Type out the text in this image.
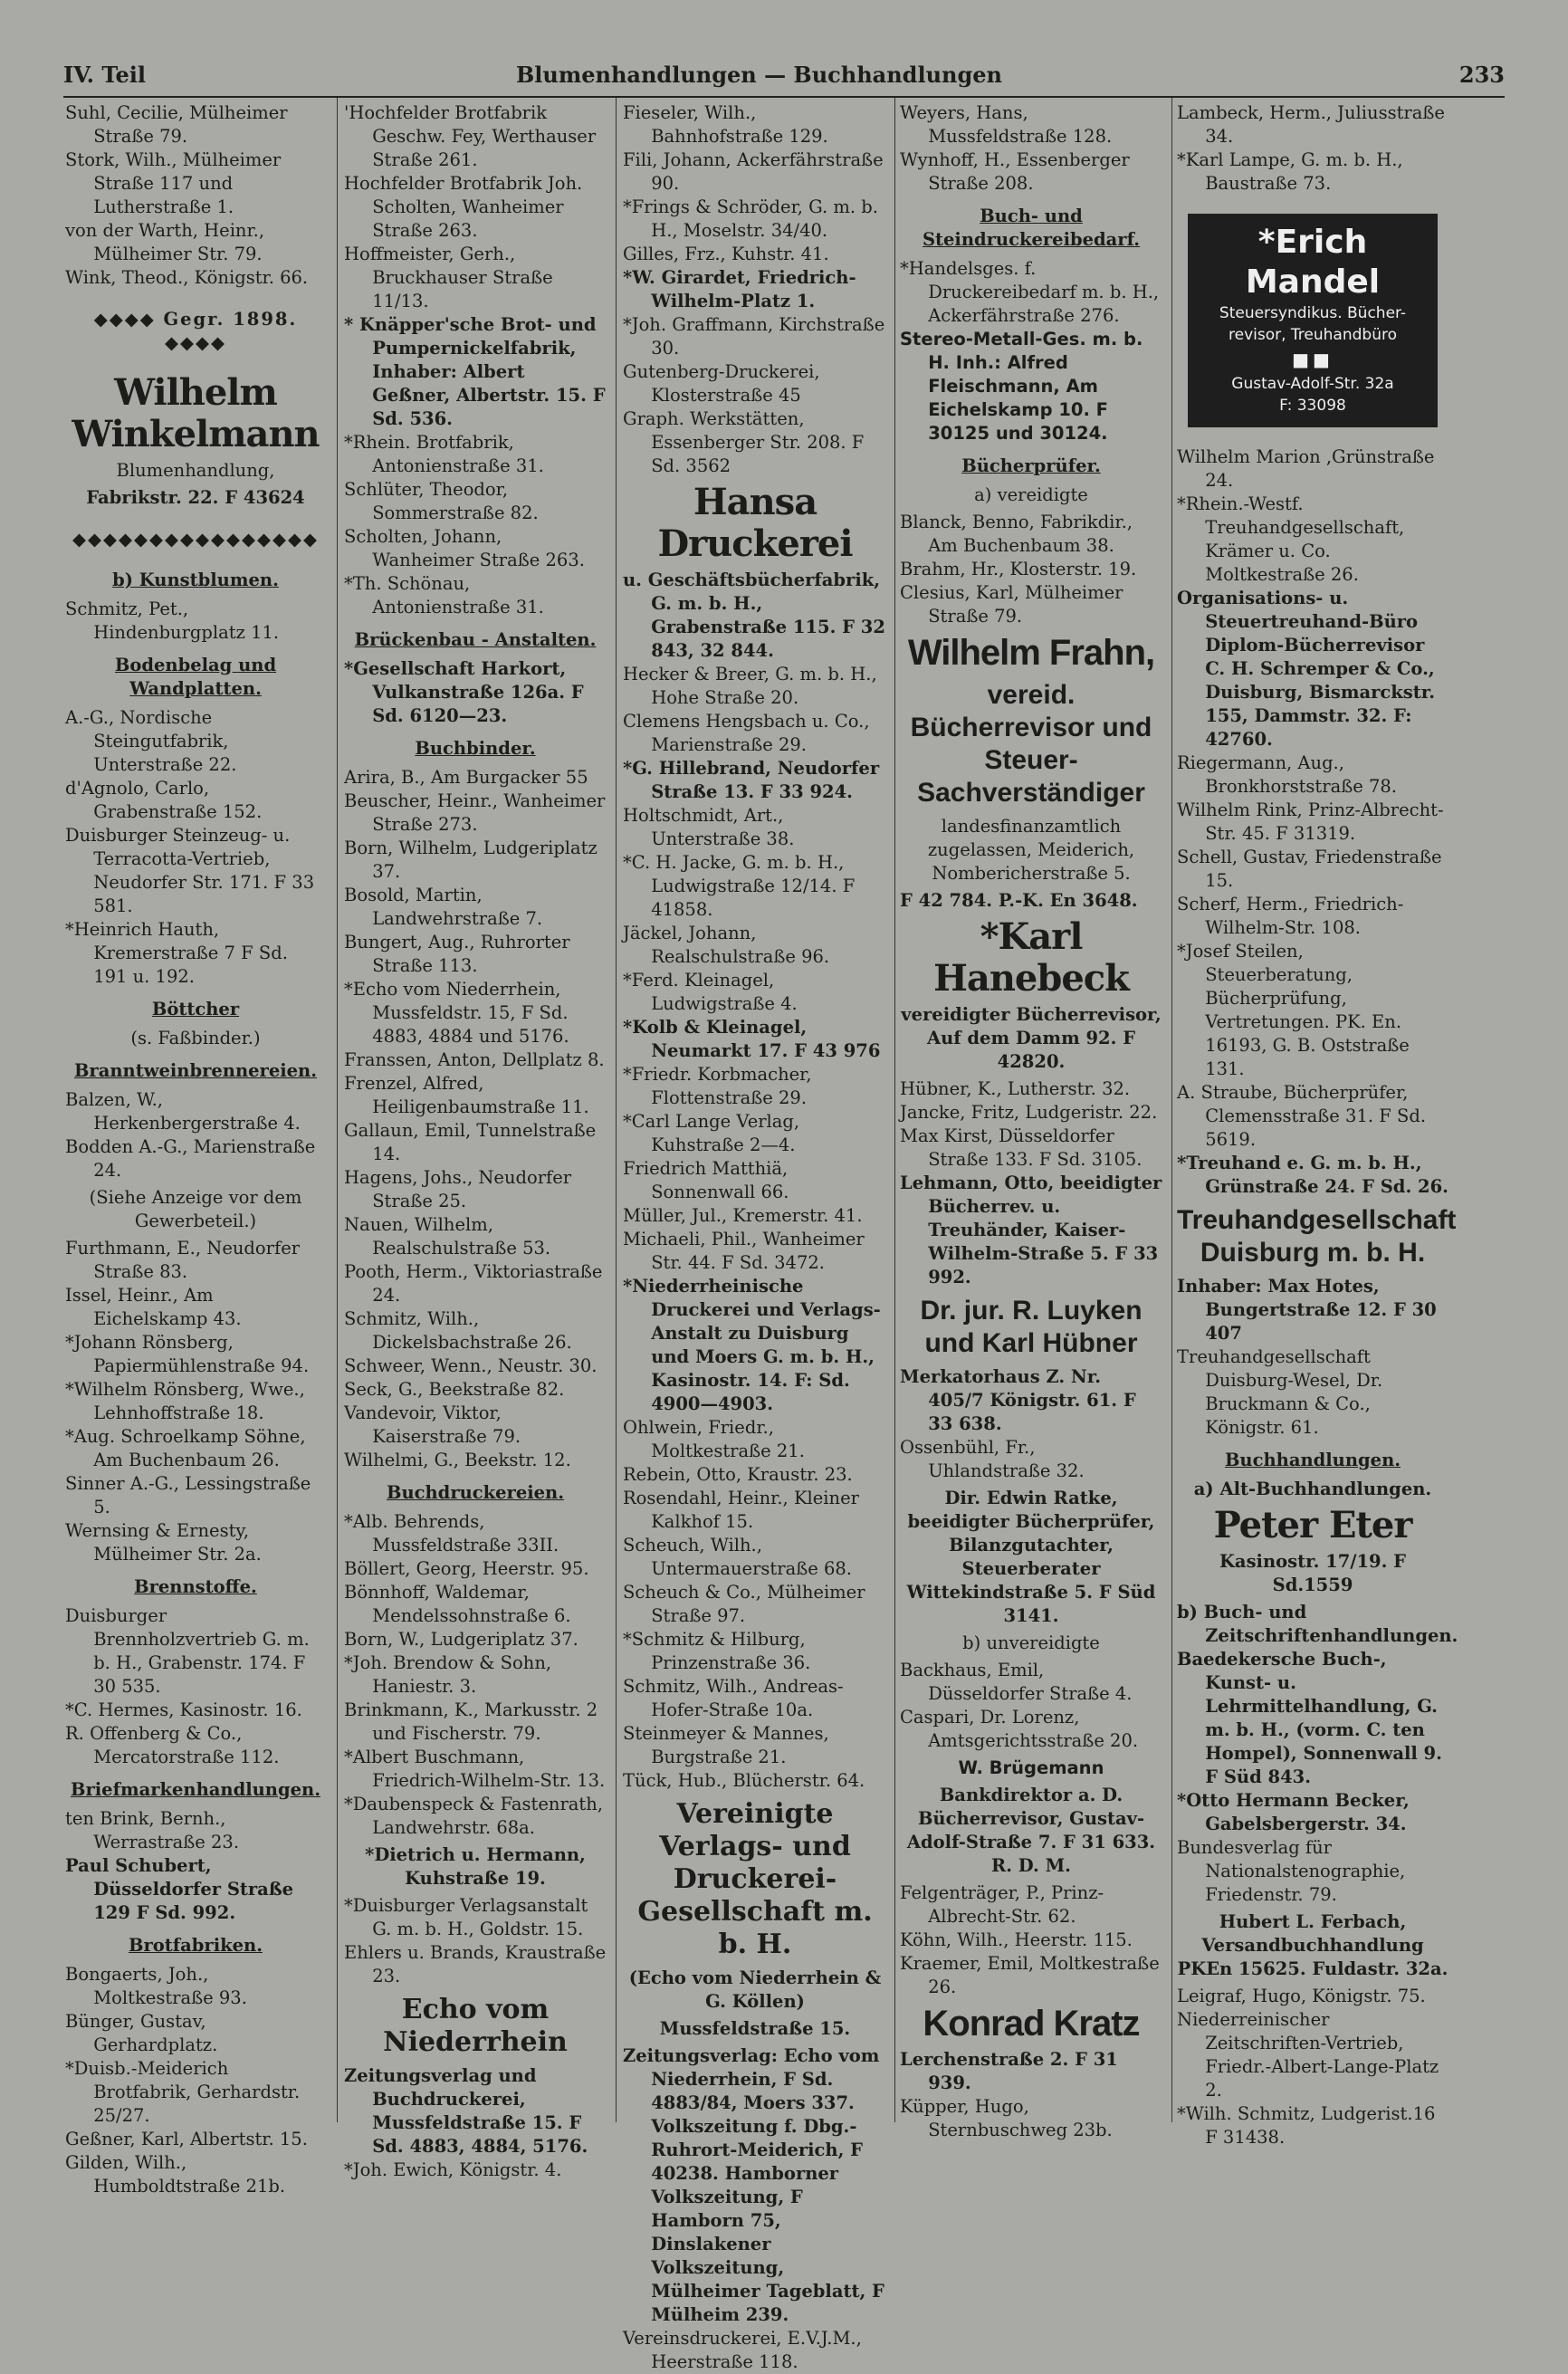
IV. Teil	Blumenhandlungen — Buchhandlungen	233

Suhl, Cecilie, Mülheimer Straße 79.

Stork, Wilh., Mülheimer Straße 117 und Lutherstraße 1.

von der Warth, Heinr., Mülheimer Str. 79.

Wink, Theod., Königstr. 66.

◆◆◆◆ Gegr. 1898. ◆◆◆◆

Wilhelm Winkelmann

Blumenhandlung,

Fabrikstr. 22. F 43624

◆◆◆◆◆◆◆◆◆◆◆◆◆◆◆◆

b) Kunstblumen.

Schmitz, Pet., Hindenburgplatz 11.

Bodenbelag und Wandplatten.

A.-G., Nordische Steingutfabrik, Unterstraße 22.

d'Agnolo, Carlo, Grabenstraße 152.

Duisburger Steinzeug- u. Terracotta-Vertrieb, Neudorfer Str. 171. F 33 581.

*Heinrich Hauth, Kremerstraße 7 F Sd. 191 u. 192.

Böttcher

(s. Faßbinder.)

Branntweinbrennereien.

Balzen, W., Herkenbergerstraße 4.

Bodden A.-G., Marienstraße 24.

(Siehe Anzeige vor dem Gewerbeteil.)

Furthmann, E., Neudorfer Straße 83.

Issel, Heinr., Am Eichelskamp 43.

*Johann Rönsberg, Papiermühlenstraße 94.

*Wilhelm Rönsberg, Wwe., Lehnhoffstraße 18.

*Aug. Schroelkamp Söhne, Am Buchenbaum 26.

Sinner A.-G., Lessingstraße 5.

Wernsing & Ernesty, Mülheimer Str. 2a.

Brennstoffe.

Duisburger Brennholzvertrieb G. m. b. H., Grabenstr. 174. F 30 535.

*C. Hermes, Kasinostr. 16.

R. Offenberg & Co., Mercatorstraße 112.

Briefmarkenhandlungen.

ten Brink, Bernh., Werrastraße 23.

Paul Schubert, Düsseldorfer Straße 129 F Sd. 992.

Brotfabriken.

Bongaerts, Joh., Moltkestraße 93.

Bünger, Gustav, Gerhardplatz.

*Duisb.-Meiderich Brotfabrik, Gerhardstr. 25/27.

Geßner, Karl, Albertstr. 15.

Gilden, Wilh., Humboldtstraße 21b.

'Hochfelder Brotfabrik Geschw. Fey, Werthauser Straße 261.

Hochfelder Brotfabrik Joh. Scholten, Wanheimer Straße 263.

Hoffmeister, Gerh., Bruckhauser Straße 11/13.

* Knäpper'sche Brot- und Pumpernickelfabrik, Inhaber: Albert Geßner, Albertstr. 15. F Sd. 536.

*Rhein. Brotfabrik, Antonienstraße 31.

Schlüter, Theodor, Sommerstraße 82.

Scholten, Johann, Wanheimer Straße 263.

*Th. Schönau, Antonienstraße 31.

Brückenbau - Anstalten.

*Gesellschaft Harkort, Vulkanstraße 126a. F Sd. 6120—23.

Buchbinder.

Arira, B., Am Burgacker 55

Beuscher, Heinr., Wanheimer Straße 273.

Born, Wilhelm, Ludgeriplatz 37.

Bosold, Martin, Landwehrstraße 7.

Bungert, Aug., Ruhrorter Straße 113.

*Echo vom Niederrhein, Mussfeldstr. 15, F Sd. 4883, 4884 und 5176.

Franssen, Anton, Dellplatz 8.

Frenzel, Alfred, Heiligenbaumstraße 11.

Gallaun, Emil, Tunnelstraße 14.

Hagens, Johs., Neudorfer Straße 25.

Nauen, Wilhelm, Realschulstraße 53.

Pooth, Herm., Viktoriastraße 24.

Schmitz, Wilh., Dickelsbachstraße 26.

Schweer, Wenn., Neustr. 30.

Seck, G., Beekstraße 82.

Vandevoir, Viktor, Kaiserstraße 79.

Wilhelmi, G., Beekstr. 12.

Buchdruckereien.

*Alb. Behrends, Mussfeldstraße 33II.

Böllert, Georg, Heerstr. 95.

Bönnhoff, Waldemar, Mendelssohnstraße 6.

Born, W., Ludgeriplatz 37.

*Joh. Brendow & Sohn, Haniestr. 3.

Brinkmann, K., Markusstr. 2 und Fischerstr. 79.

*Albert Buschmann, Friedrich-Wilhelm-Str. 13.

*Daubenspeck & Fastenrath, Landwehrstr. 68a.

*Dietrich u. Hermann, Kuhstraße 19.

*Duisburger Verlagsanstalt G. m. b. H., Goldstr. 15.

Ehlers u. Brands, Kraustraße 23.

Echo vom Niederrhein

Zeitungsverlag und Buchdruckerei, Mussfeldstraße 15. F Sd. 4883, 4884, 5176.

*Joh. Ewich, Königstr. 4.

Fieseler, Wilh., Bahnhofstraße 129.

Fili, Johann, Ackerfährstraße 90.

*Frings & Schröder, G. m. b. H., Moselstr. 34/40.

Gilles, Frz., Kuhstr. 41.

*W. Girardet, Friedrich-Wilhelm-Platz 1.

*Joh. Graffmann, Kirchstraße 30.

Gutenberg-Druckerei, Klosterstraße 45

Graph. Werkstätten, Essenberger Str. 208. F Sd. 3562

Hansa Druckerei

u. Geschäftsbücherfabrik, G. m. b. H., Grabenstraße 115. F 32 843, 32 844.

Hecker & Breer, G. m. b. H., Hohe Straße 20.

Clemens Hengsbach u. Co., Marienstraße 29.

*G. Hillebrand, Neudorfer Straße 13. F 33 924.

Holtschmidt, Art., Unterstraße 38.

*C. H. Jacke, G. m. b. H., Ludwigstraße 12/14. F 41858.

Jäckel, Johann, Realschulstraße 96.

*Ferd. Kleinagel, Ludwigstraße 4.

*Kolb & Kleinagel, Neumarkt 17. F 43 976

*Friedr. Korbmacher, Flottenstraße 29.

*Carl Lange Verlag, Kuhstraße 2—4.

Friedrich Matthiä, Sonnenwall 66.

Müller, Jul., Kremerstr. 41.

Michaeli, Phil., Wanheimer Str. 44. F Sd. 3472.

*Niederrheinische Druckerei und Verlags-Anstalt zu Duisburg und Moers G. m. b. H., Kasinostr. 14. F: Sd. 4900—4903.

Ohlwein, Friedr., Moltkestraße 21.

Rebein, Otto, Kraustr. 23.

Rosendahl, Heinr., Kleiner Kalkhof 15.

Scheuch, Wilh., Untermauerstraße 68.

Scheuch & Co., Mülheimer Straße 97.

*Schmitz & Hilburg, Prinzenstraße 36.

Schmitz, Wilh., Andreas-Hofer-Straße 10a.

Steinmeyer & Mannes, Burgstraße 21.

Tück, Hub., Blücherstr. 64.

Vereinigte Verlags- und Druckerei-Gesellschaft m. b. H.

(Echo vom Niederrhein & G. Köllen)

Mussfeldstraße 15.

Zeitungsverlag: Echo vom Niederrhein, F Sd. 4883/84, Moers 337. Volkszeitung f. Dbg.-Ruhrort-Meiderich, F 40238. Hamborner Volkszeitung, F Hamborn 75, Dinslakener Volkszeitung, Mülheimer Tageblatt, F Mülheim 239.

Vereinsdruckerei, E.V.J.M., Heerstraße 118.

Weyers, Hans, Mussfeldstraße 128.

Wynhoff, H., Essenberger Straße 208.

Buch- und Steindruckereibedarf.

*Handelsges. f. Druckereibedarf m. b. H., Ackerfährstraße 276.

Stereo-Metall-Ges. m. b. H. Inh.: Alfred Fleischmann, Am Eichelskamp 10. F 30125 und 30124.

Bücherprüfer.

a) vereidigte

Blanck, Benno, Fabrikdir., Am Buchenbaum 38.

Brahm, Hr., Klosterstr. 19.

Clesius, Karl, Mülheimer Straße 79.

Wilhelm Frahn,

vereid. Bücherrevisor und Steuer-Sachverständiger

landesfinanzamtlich zugelassen, Meiderich, Nombericherstraße 5.

F 42 784. P.-K. En 3648.

*Karl Hanebeck

vereidigter Bücherrevisor, Auf dem Damm 92. F 42820.

Hübner, K., Lutherstr. 32.

Jancke, Fritz, Ludgeristr. 22.

Max Kirst, Düsseldorfer Straße 133. F Sd. 3105.

Lehmann, Otto, beeidigter Bücherrev. u. Treuhänder, Kaiser-Wilhelm-Straße 5. F 33 992.

Dr. jur. R. Luyken und Karl Hübner

Merkatorhaus Z. Nr. 405/7 Königstr. 61. F 33 638.

Ossenbühl, Fr., Uhlandstraße 32.

Dir. Edwin Ratke, beeidigter Bücherprüfer, Bilanzgutachter, Steuerberater Wittekindstraße 5. F Süd 3141.

b) unvereidigte

Backhaus, Emil, Düsseldorfer Straße 4.

Caspari, Dr. Lorenz, Amtsgerichtsstraße 20.

W. Brügemann

Bankdirektor a. D. Bücherrevisor, Gustav-Adolf-Straße 7. F 31 633. R. D. M.

Felgenträger, P., Prinz-Albrecht-Str. 62.

Köhn, Wilh., Heerstr. 115.

Kraemer, Emil, Moltkestraße 26.

Konrad Kratz

Lerchenstraße 2. F 31 939.

Küpper, Hugo, Sternbuschweg 23b.

Lambeck, Herm., Juliusstraße 34.

*Karl Lampe, G. m. b. H., Baustraße 73.

*Erich Mandel
Steuersyndikus. Bücher-
revisor, Treuhandbüro
■■
Gustav-Adolf-Str. 32a
F: 33098

Wilhelm Marion ,Grünstraße 24.

*Rhein.-Westf. Treuhandgesellschaft, Krämer u. Co. Moltkestraße 26.

Organisations- u. Steuertreuhand-Büro Diplom-Bücherrevisor C. H. Schremper & Co., Duisburg, Bismarckstr. 155, Dammstr. 32. F: 42760.

Riegermann, Aug., Bronkhorststraße 78.

Wilhelm Rink, Prinz-Albrecht-Str. 45. F 31319.

Schell, Gustav, Friedenstraße 15.

Scherf, Herm., Friedrich-Wilhelm-Str. 108.

*Josef Steilen, Steuerberatung, Bücherprüfung, Vertretungen. PK. En. 16193, G. B. Oststraße 131.

A. Straube, Bücherprüfer, Clemensstraße 31. F Sd. 5619.

*Treuhand e. G. m. b. H., Grünstraße 24. F Sd. 26.

Treuhandgesellschaft Duisburg m. b. H.

Inhaber: Max Hotes, Bungertstraße 12. F 30 407

Treuhandgesellschaft Duisburg-Wesel, Dr. Bruckmann & Co., Königstr. 61.

Buchhandlungen.

a) Alt-Buchhandlungen.

Peter Eter

Kasinostr. 17/19. F Sd.1559

b) Buch- und Zeitschriftenhandlungen.

Baedekersche Buch-, Kunst- u. Lehrmittelhandlung, G. m. b. H., (vorm. C. ten Hompel), Sonnenwall 9. F Süd 843.

*Otto Hermann Becker, Gabelsbergerstr. 34.

Bundesverlag für Nationalstenographie, Friedenstr. 79.

Hubert L. Ferbach, Versandbuchhandlung PKEn 15625. Fuldastr. 32a.

Leigraf, Hugo, Königstr. 75.

Niederreinischer Zeitschriften-Vertrieb, Friedr.-Albert-Lange-Platz 2.

*Wilh. Schmitz, Ludgerist.16 F 31438.
